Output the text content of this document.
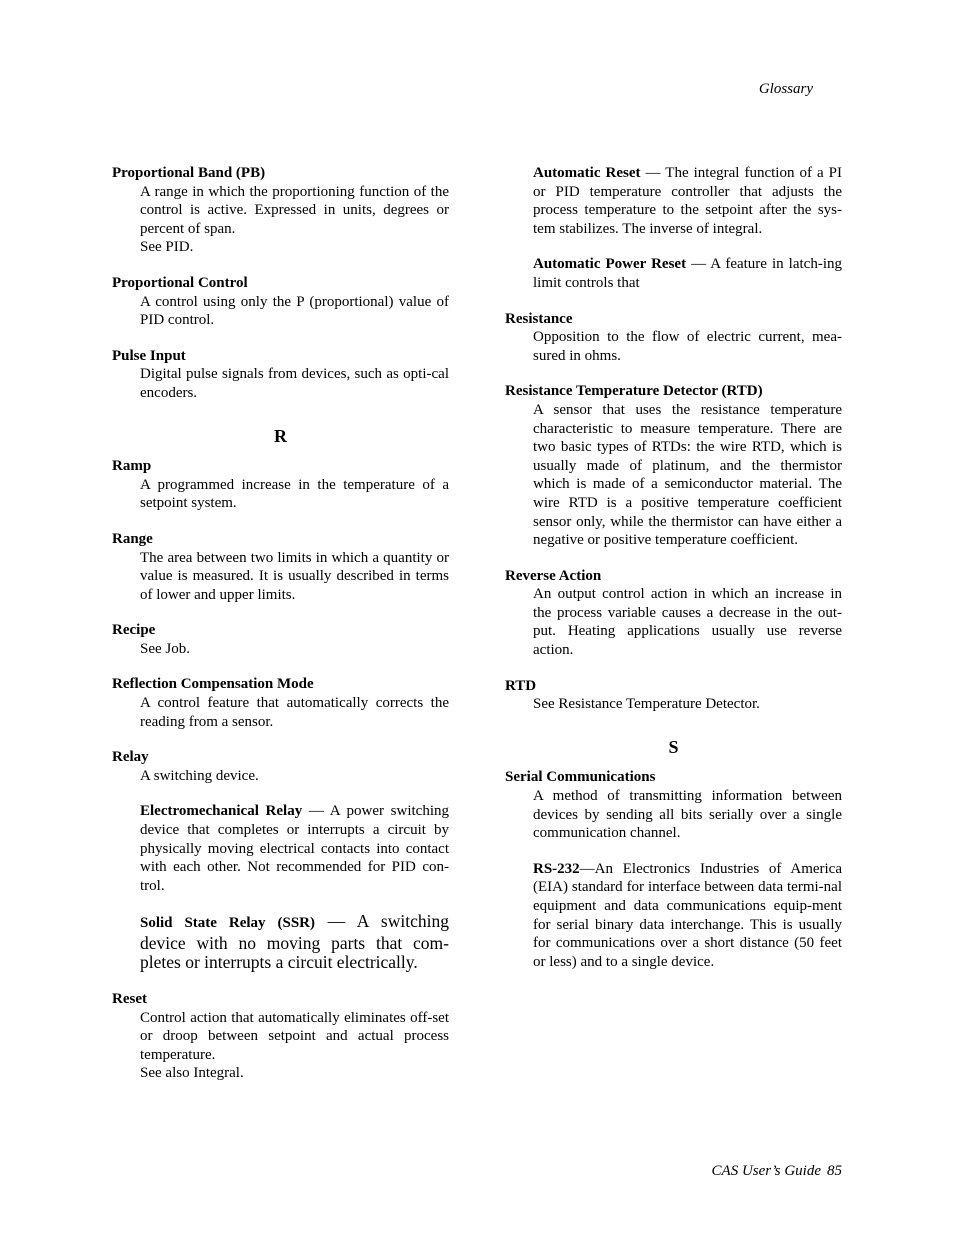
Glossary
Proportional Band (PB)

A range in which the proportioning function of the control is active. Expressed in units, degrees or percent of span.

See PID.

Proportional Control
A control using only the P (proportional) value of PID control.
Pulse Input
Digital pulse signals from devices, such as opti-cal encoders.
R
Ramp
A programmed increase in the temperature of a setpoint system.
Range
The area between two limits in which a quantity or value is measured. It is usually described in terms of lower and upper limits.
Recipe
See Job.
Reflection Compensation Mode
A control feature that automatically corrects the reading from a sensor.
Relay
A switching device.
Electromechanical Relay — A power switching device that completes or interrupts a circuit by physically moving electrical contacts into contact with each other. Not recommended for PID con-trol.
Solid State Relay (SSR) — A switching device with no moving parts that com-pletes or interrupts a circuit electrically.
Reset

Control action that automatically eliminates off-set or droop between setpoint and actual process temperature.

See also Integral.

Automatic Reset — The integral function of a PI or PID temperature controller that adjusts the process temperature to the setpoint after the sys-tem stabilizes. The inverse of integral.
Automatic Power Reset — A feature in latch-ing limit controls that
Resistance
Opposition to the flow of electric current, mea-sured in ohms.
Resistance Temperature Detector (RTD)
A sensor that uses the resistance temperature characteristic to measure temperature. There are two basic types of RTDs: the wire RTD, which is usually made of platinum, and the thermistor which is made of a semiconductor material. The wire RTD is a positive temperature coefficient sensor only, while the thermistor can have either a negative or positive temperature coefficient.
Reverse Action
An output control action in which an increase in the process variable causes a decrease in the out-put. Heating applications usually use reverse action.
RTD
See Resistance Temperature Detector.
S
Serial Communications
A method of transmitting information between devices by sending all bits serially over a single communication channel.
RS-232—An Electronics Industries of America (EIA) standard for interface between data termi-nal equipment and data communications equip-ment for serial binary data interchange. This is usually for communications over a short distance (50 feet or less) and to a single device.
CAS User’s Guide 85
